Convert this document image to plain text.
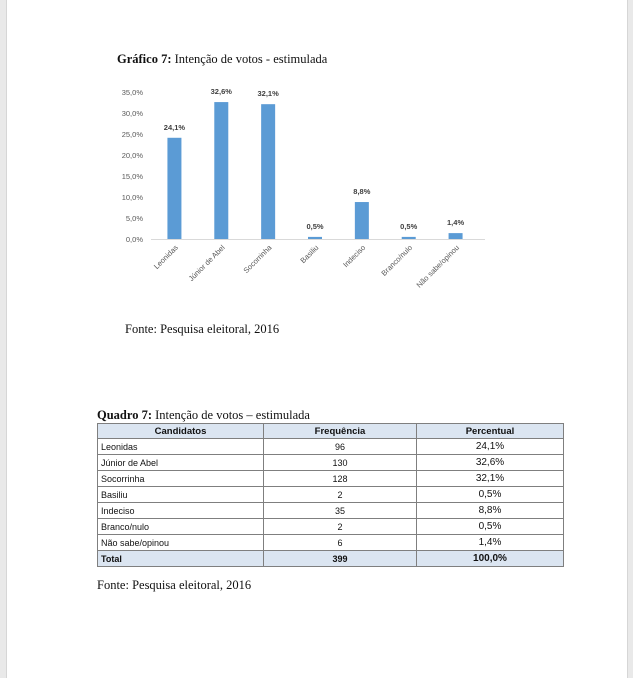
Gráfico 7: Intenção de votos - estimulada
0,0%
5,0%
10,0%
15,0%
20,0%
25,0%
30,0%
35,0%
24,1%
Leonidas
32,6%
Júnior de Abel
32,1%
Socorrinha
0,5%
Basiliu
8,8%
Indeciso
0,5%
Branco/nulo
1,4%
Não sabe/opinou
Fonte: Pesquisa eleitoral, 2016
Quadro 7: Intenção de votos – estimulada
Candidatos	Frequência	Percentual
Leonidas	96	24,1%
Júnior de Abel	130	32,6%
Socorrinha	128	32,1%
Basiliu	2	0,5%
Indeciso	35	8,8%
Branco/nulo	2	0,5%
Não sabe/opinou	6	1,4%
Total	399	100,0%
Fonte: Pesquisa eleitoral, 2016
